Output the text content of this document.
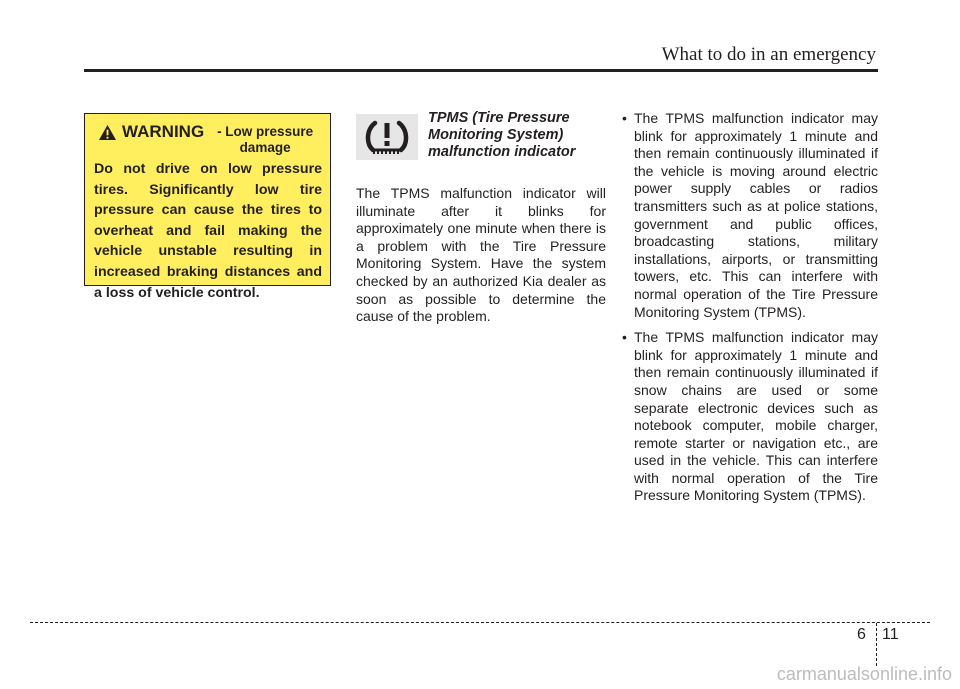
What to do in an emergency
WARNING - Low pressure damage
Do not drive on low pressure tires. Significantly low tire pressure can cause the tires to overheat and fail making the vehicle unstable resulting in increased braking distances and a loss of vehicle control.
TPMS (Tire Pressure Monitoring System) malfunction indicator
The TPMS malfunction indicator will illuminate after it blinks for approximately one minute when there is a problem with the Tire Pressure Monitoring System. Have the system checked by an authorized Kia dealer as soon as possible to determine the cause of the problem.
• The TPMS malfunction indicator may blink for approximately 1 minute and then remain continuously illuminated if the vehicle is moving around electric power supply cables or radios transmitters such as at police stations, government and public offices, broadcasting stations, military installations, airports, or transmitting towers, etc. This can interfere with normal operation of the Tire Pressure Monitoring System (TPMS).
• The TPMS malfunction indicator may blink for approximately 1 minute and then remain continuously illuminated if snow chains are used or some separate electronic devices such as notebook computer, mobile charger, remote starter or navigation etc., are used in the vehicle. This can interfere with normal operation of the Tire Pressure Monitoring System (TPMS).
6 11
carmanualsonline.info
